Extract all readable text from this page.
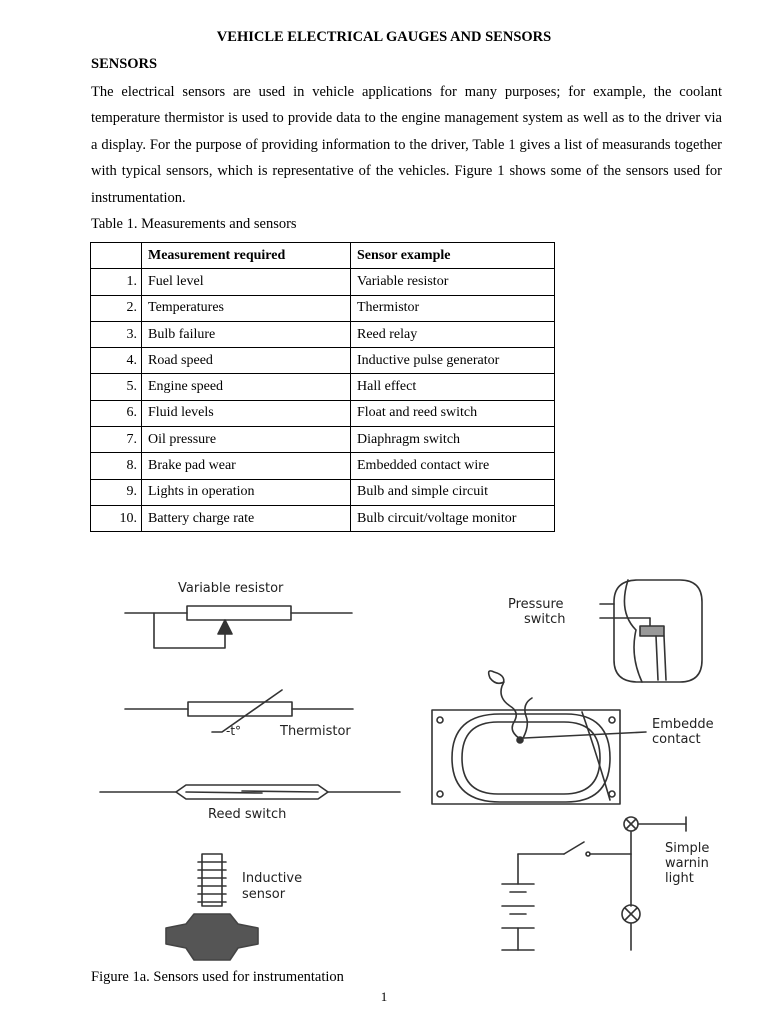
VEHICLE ELECTRICAL GAUGES AND SENSORS
SENSORS

The electrical sensors are used in vehicle applications for many purposes; for example, the coolant temperature thermistor is used to provide data to the engine management system as well as to the driver via a display. For the purpose of providing information to the driver, Table 1 gives a list of measurands together with typical sensors, which is representative of the vehicles. Figure 1 shows some of the sensors used for instrumentation.

Table 1. Measurements and sensors

	Measurement required	Sensor example
1.	Fuel level	Variable resistor
2.	Temperatures	Thermistor
3.	Bulb failure	Reed relay
4.	Road speed	Inductive pulse generator
5.	Engine speed	Hall effect
6.	Fluid levels	Float and reed switch
7.	Oil pressure	Diaphragm switch
8.	Brake pad wear	Embedded contact wire
9.	Lights in operation	Bulb and simple circuit
10.	Battery charge rate	Bulb circuit/voltage monitor
Variable resistor
-t°	Thermistor
Reed switch
Inductive
sensor
Pressure
switch
Embedde
contact
Simple
warnin
light

Figure 1a. Sensors used for instrumentation

1
